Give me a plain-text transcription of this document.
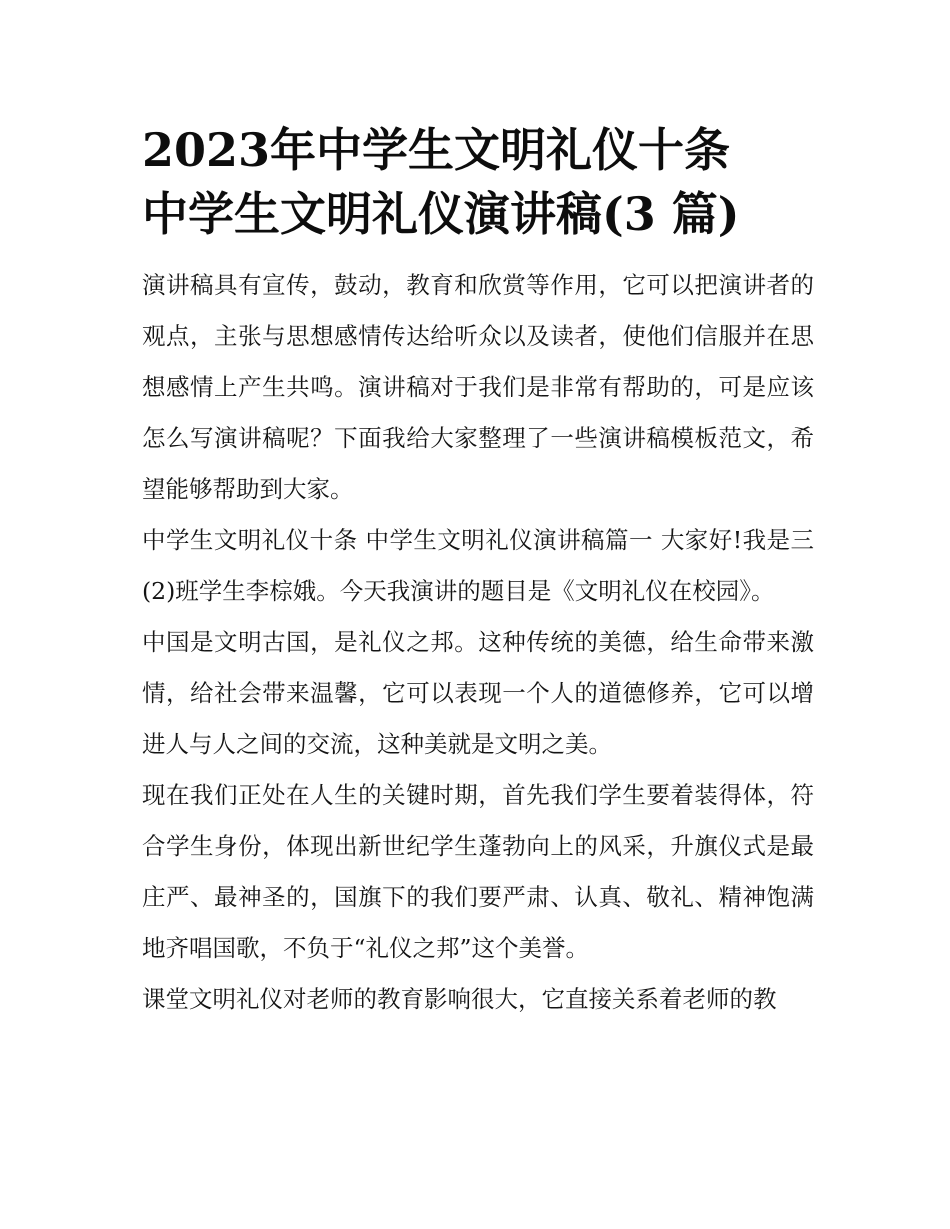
2023年中学生文明礼仪十条
中学生文明礼仪演讲稿(3 篇)

演讲稿具有宣传，鼓动，教育和欣赏等作用，它可以把演讲者的观点，主张与思想感情传达给听众以及读者，使他们信服并在思想感情上产生共鸣。演讲稿对于我们是非常有帮助的，可是应该怎么写演讲稿呢？下面我给大家整理了一些演讲稿模板范文，希望能够帮助到大家。

中学生文明礼仪十条 中学生文明礼仪演讲稿篇一 大家好!我是三(2)班学生李棕娥。今天我演讲的题目是《文明礼仪在校园》。

中国是文明古国，是礼仪之邦。这种传统的美德，给生命带来激情，给社会带来温馨，它可以表现一个人的道德修养，它可以增进人与人之间的交流，这种美就是文明之美。

现在我们正处在人生的关键时期，首先我们学生要着装得体，符合学生身份，体现出新世纪学生蓬勃向上的风采，升旗仪式是最庄严、最神圣的，国旗下的我们要严肃、认真、敬礼、精神饱满地齐唱国歌，不负于“礼仪之邦”这个美誉。

课堂文明礼仪对老师的教育影响很大，它直接关系着老师的教
